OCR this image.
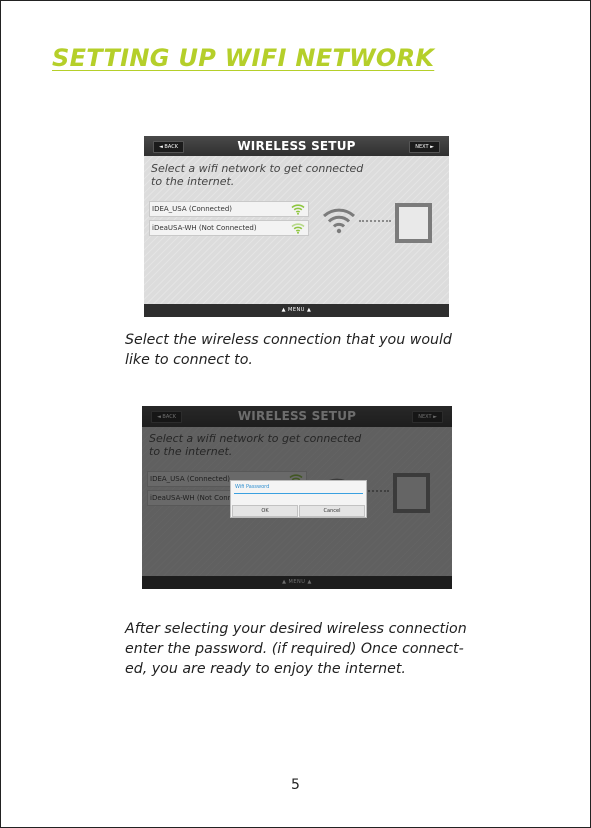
SETTING UP WIFI NETWORK
◄ BACK	WIRELESS SETUP	NEXT ►
Select a wifi network to get connected to the internet.
IDEA_USA (Connected)
iDeaUSA-WH (Not Connected)
▲ MENU ▲

Select the wireless connection that you would like to connect to.

Wifi Password
OK	Cancel

After selecting your desired wireless connection enter the password. (if required) Once connect-ed, you are ready to enjoy the internet.

5
